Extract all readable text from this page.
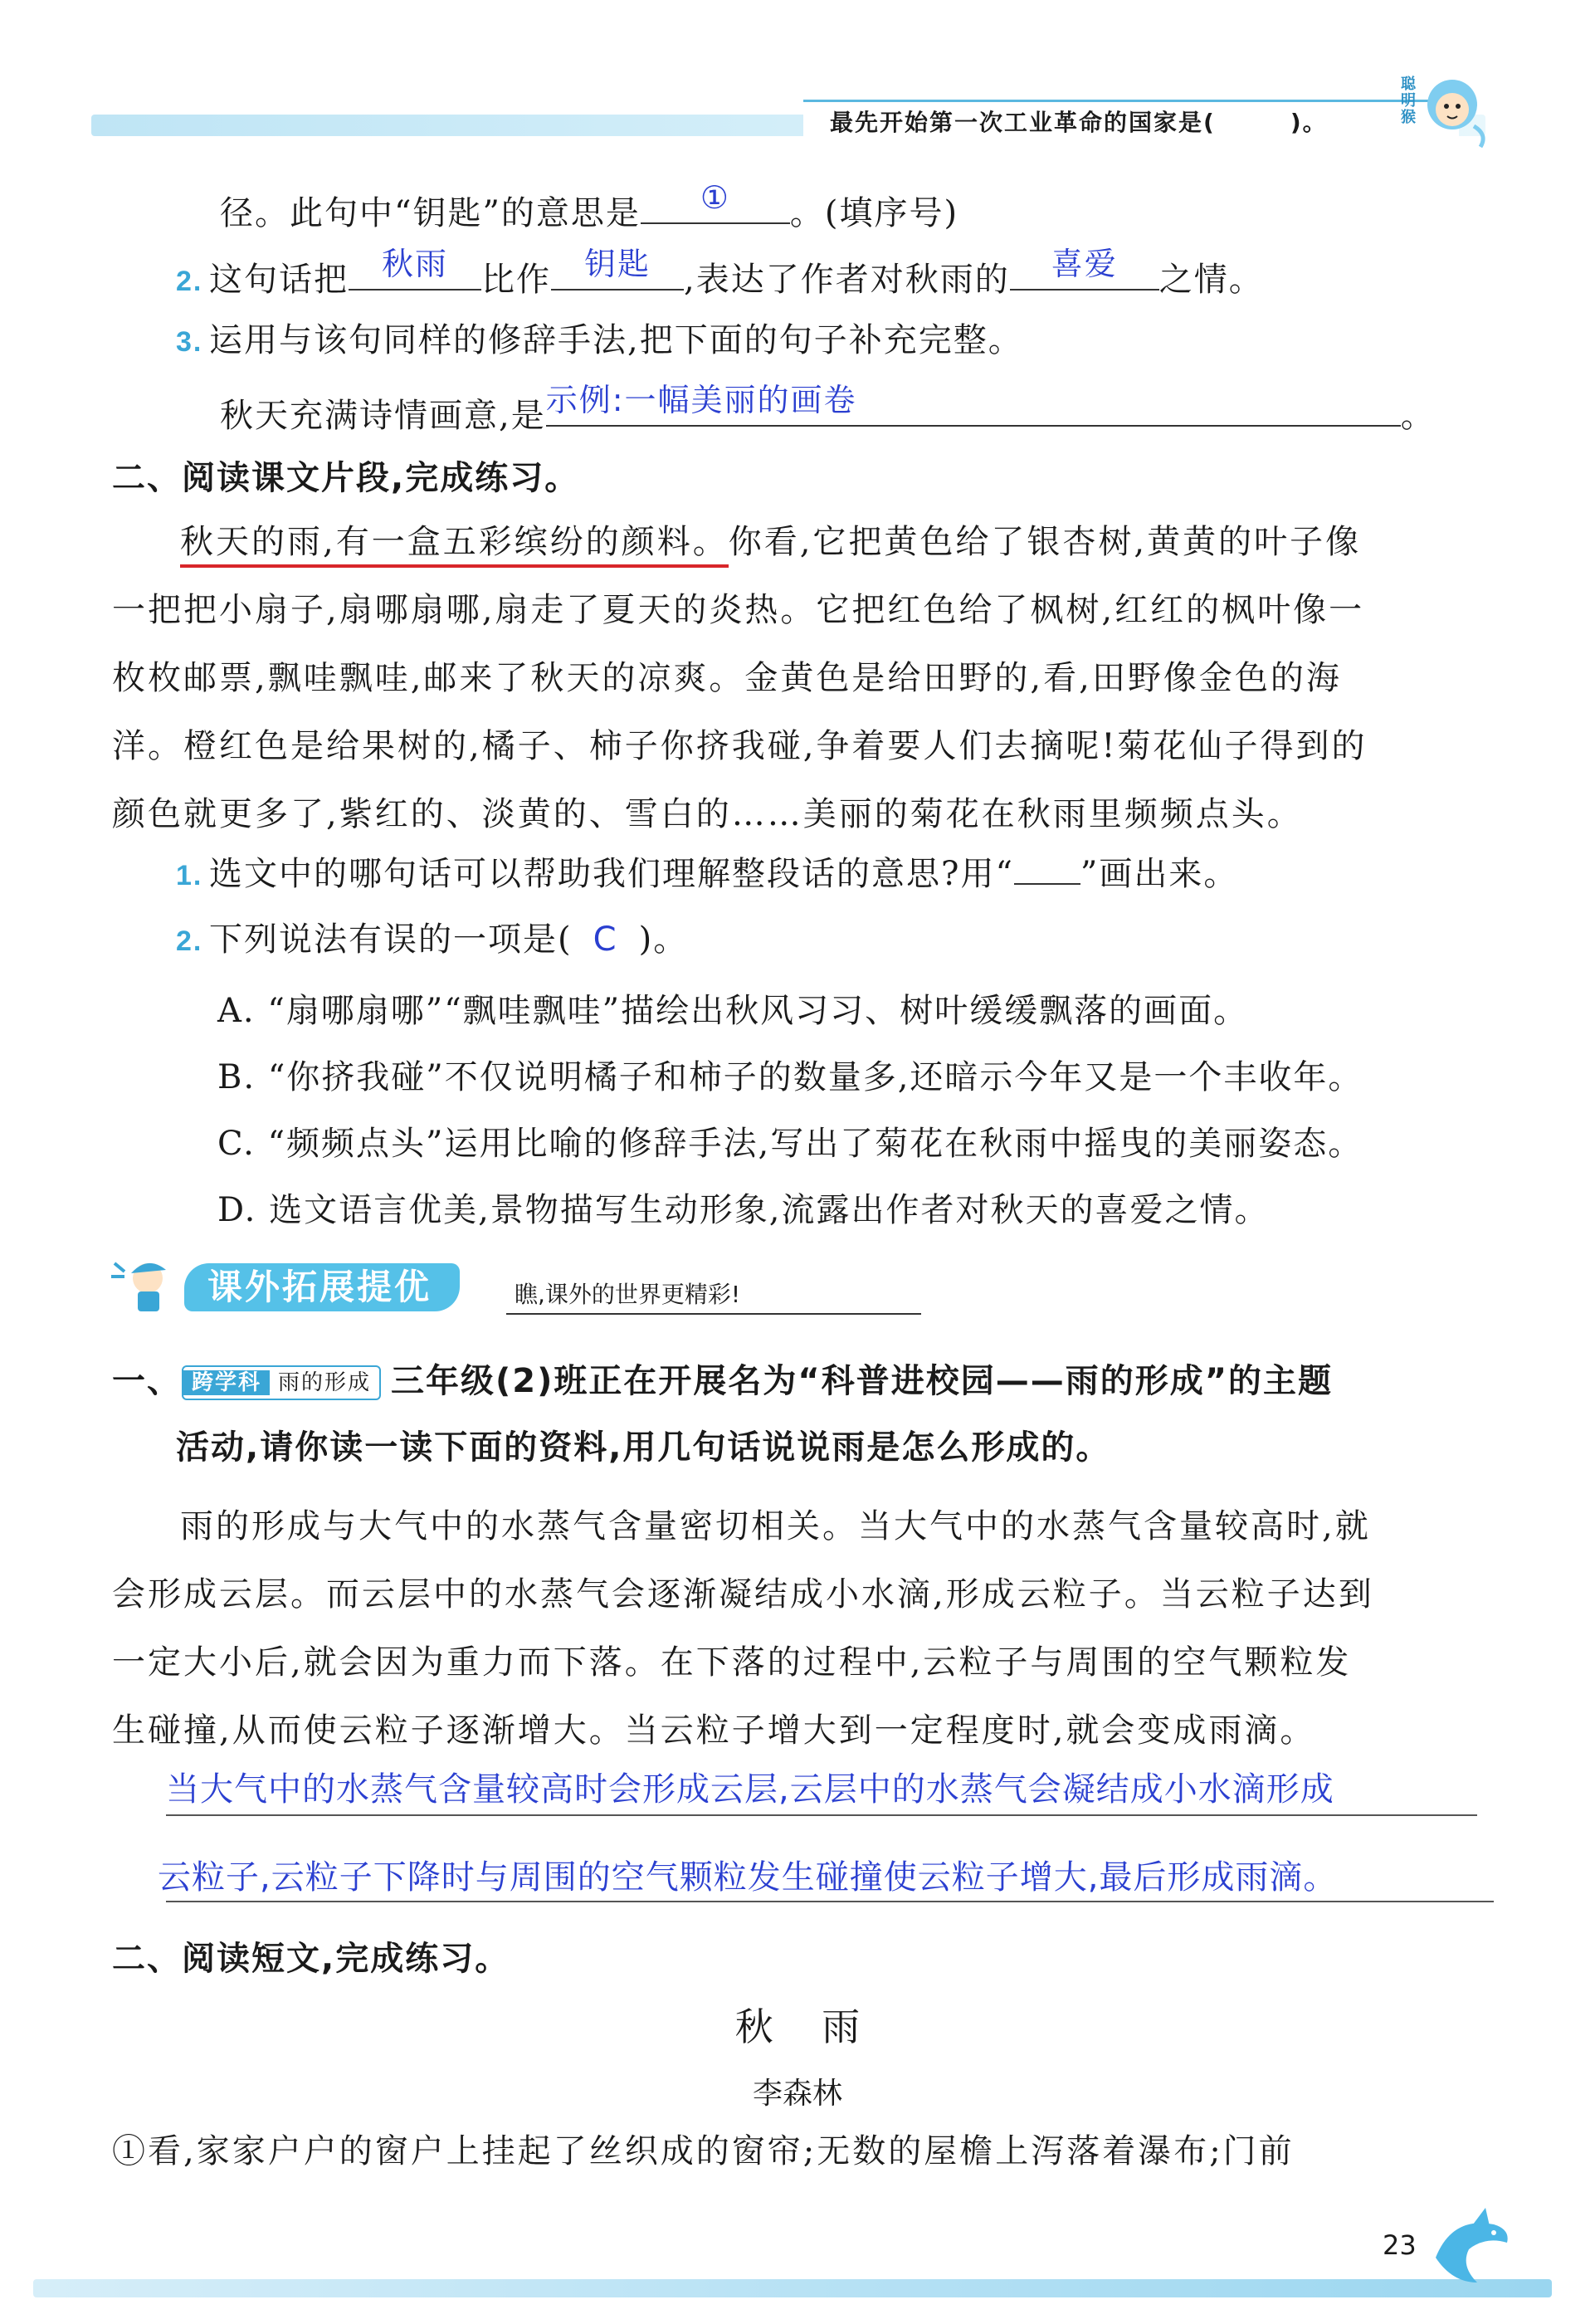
最先开始第一次工业革命的国家是(	)。
聪明猴
径。此句中“钥匙”的意思是	①	。(填序号)
2. 这句话把	秋雨	比作	钥匙	,表达了作者对秋雨的	喜爱	之情。
3. 运用与该句同样的修辞手法,把下面的句子补充完整。
秋天充满诗情画意,是 示例:一幅美丽的画卷	。
二、阅读课文片段,完成练习。
秋天的雨,有一盒五彩缤纷的颜料。你看,它把黄色给了银杏树,黄黄的叶子像
一把把小扇子,扇哪扇哪,扇走了夏天的炎热。它把红色给了枫树,红红的枫叶像一
枚枚邮票,飘哇飘哇,邮来了秋天的凉爽。金黄色是给田野的,看,田野像金色的海
洋。橙红色是给果树的,橘子、柿子你挤我碰,争着要人们去摘呢!菊花仙子得到的
颜色就更多了,紫红的、淡黄的、雪白的……美丽的菊花在秋雨里频频点头。
1. 选文中的哪句话可以帮助我们理解整段话的意思?用“ ”画出来。
2. 下列说法有误的一项是( C )。
A. “扇哪扇哪”“飘哇飘哇”描绘出秋风习习、树叶缓缓飘落的画面。
B. “你挤我碰”不仅说明橘子和柿子的数量多,还暗示今年又是一个丰收年。
C. “频频点头”运用比喻的修辞手法,写出了菊花在秋雨中摇曳的美丽姿态。
D. 选文语言优美,景物描写生动形象,流露出作者对秋天的喜爱之情。
课外拓展提优	瞧,课外的世界更精彩!
一、 跨学科 雨的形成 三年级(2)班正在开展名为“科普进校园——雨的形成”的主题
活动,请你读一读下面的资料,用几句话说说雨是怎么形成的。
雨的形成与大气中的水蒸气含量密切相关。当大气中的水蒸气含量较高时,就
会形成云层。而云层中的水蒸气会逐渐凝结成小水滴,形成云粒子。当云粒子达到
一定大小后,就会因为重力而下落。在下落的过程中,云粒子与周围的空气颗粒发
生碰撞,从而使云粒子逐渐增大。当云粒子增大到一定程度时,就会变成雨滴。
当大气中的水蒸气含量较高时会形成云层,云层中的水蒸气会凝结成小水滴形成
云粒子,云粒子下降时与周围的空气颗粒发生碰撞使云粒子增大,最后形成雨滴。
二、阅读短文,完成练习。
秋    雨
李森林
①看,家家户户的窗户上挂起了丝织成的窗帘;无数的屋檐上泻落着瀑布;门前
23
